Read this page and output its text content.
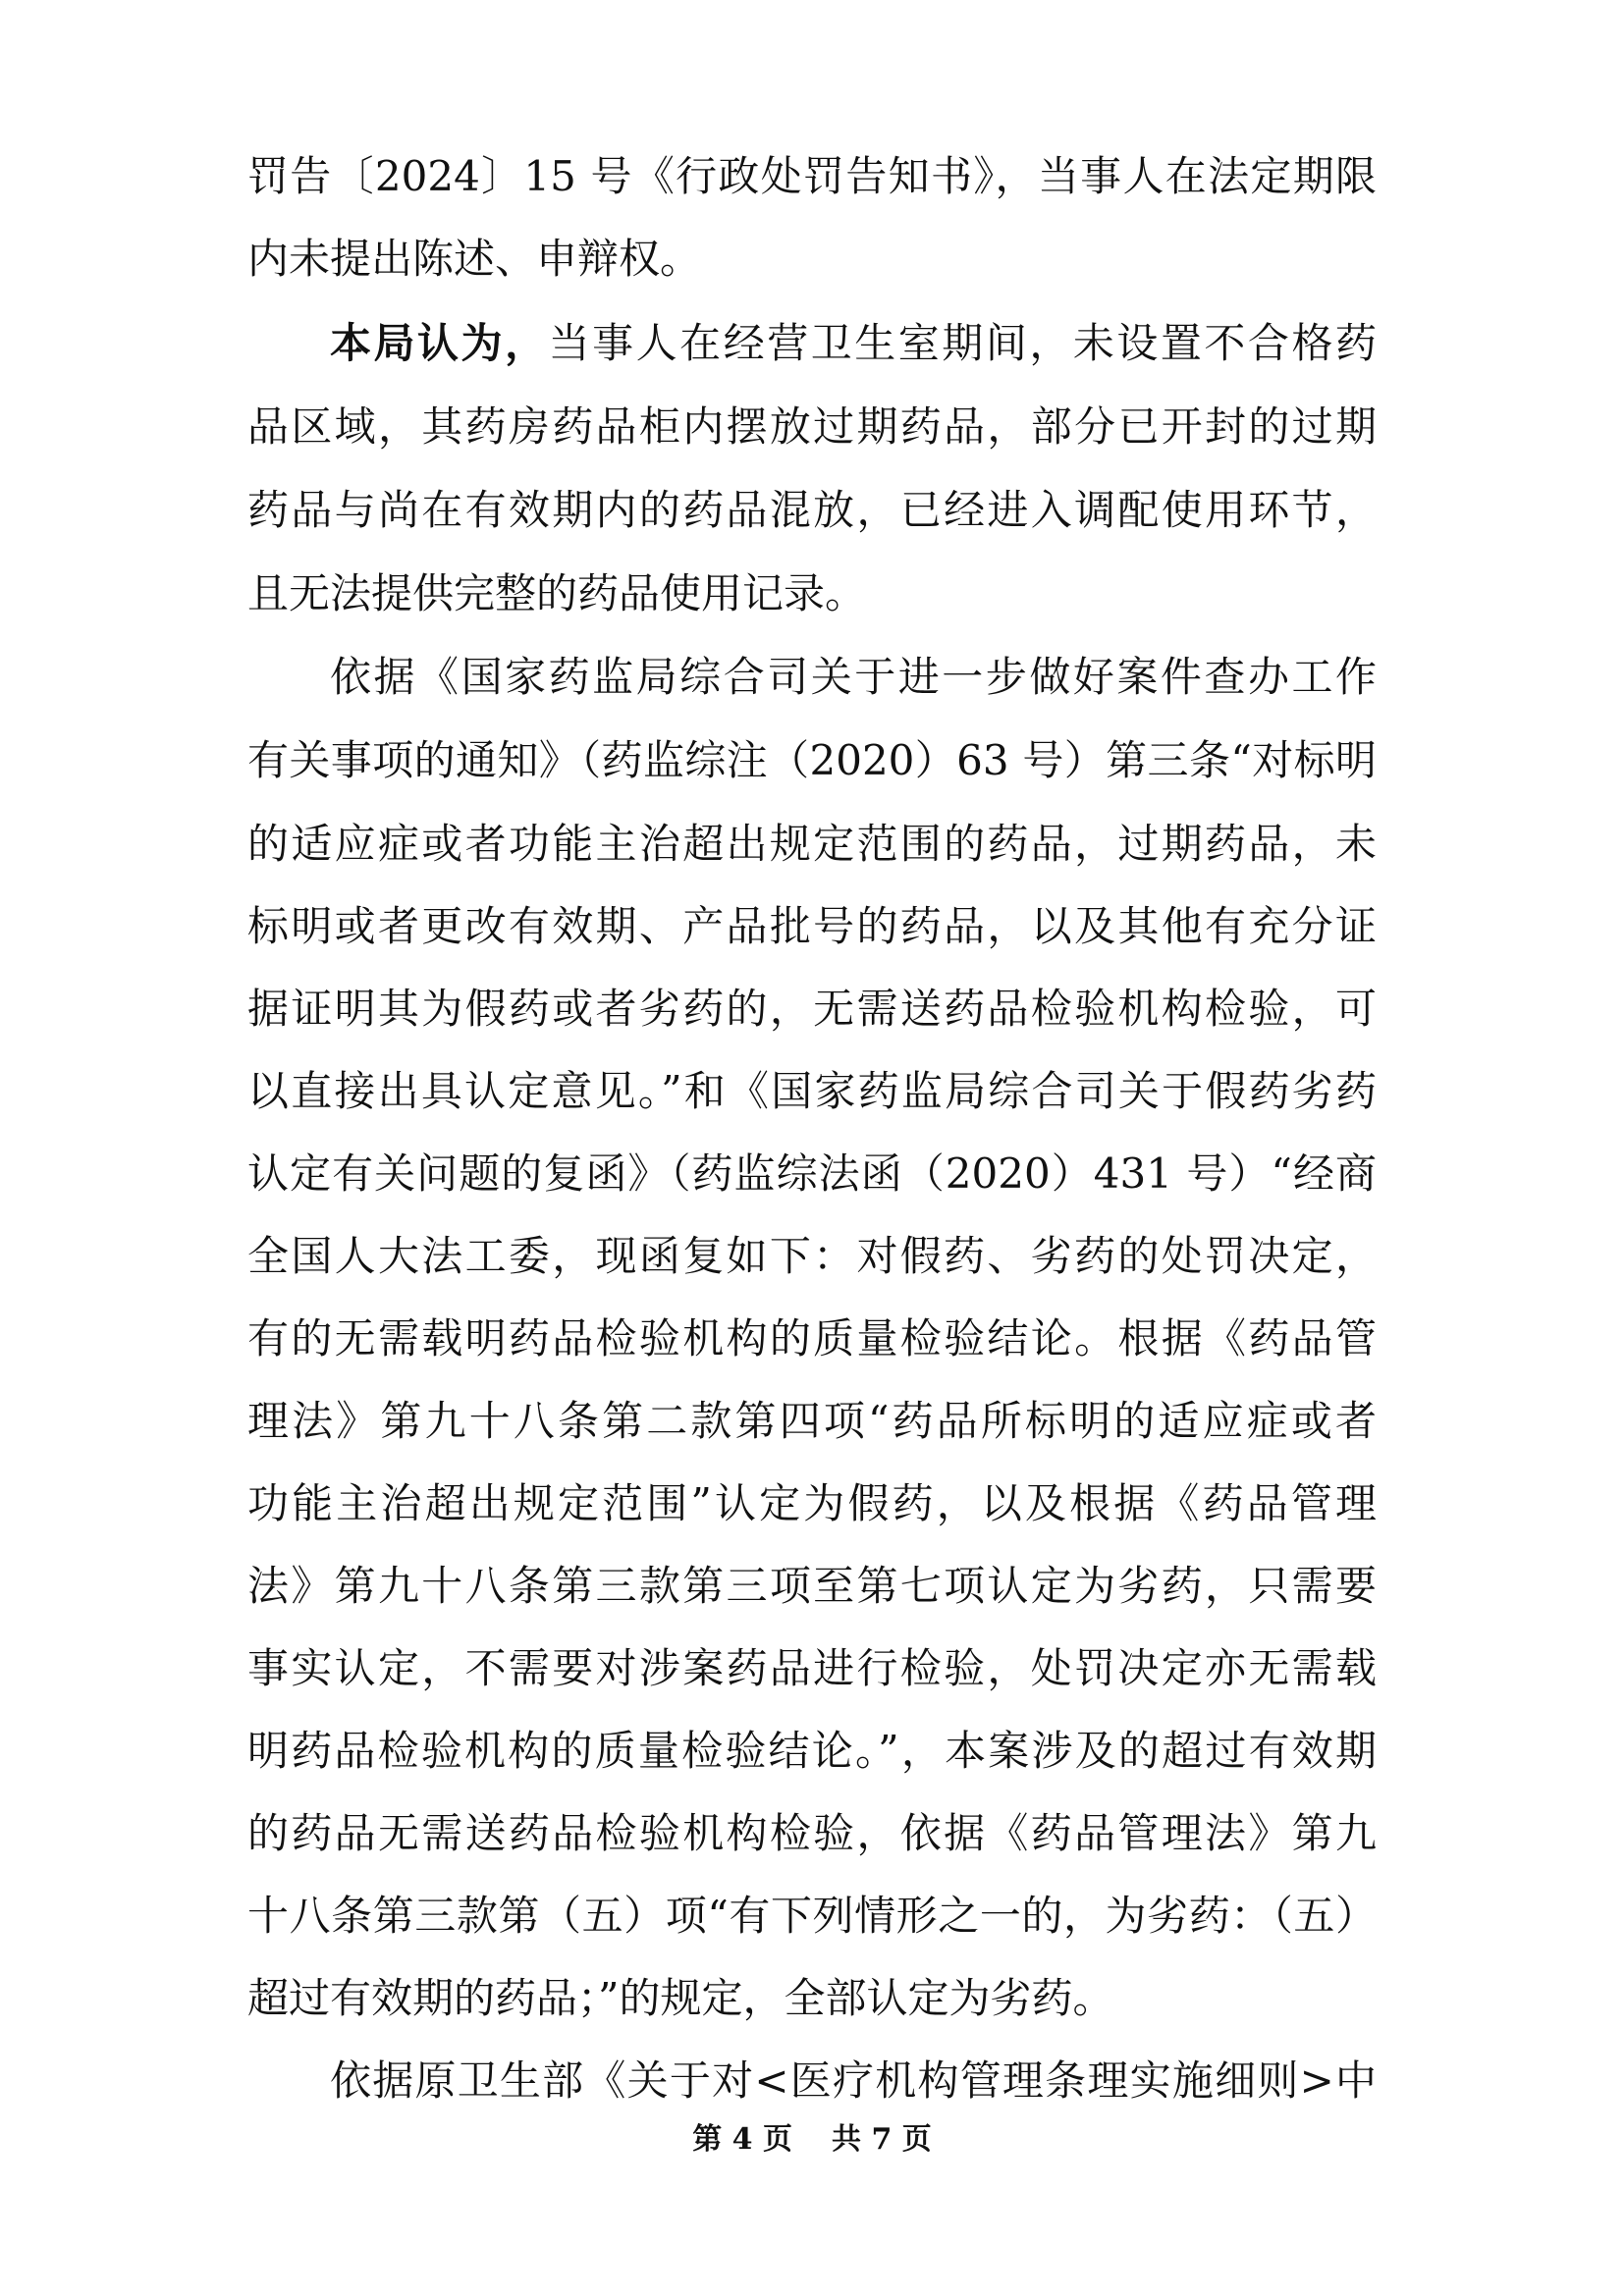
罚告〔2024〕15 号《行政处罚告知书》，当事人在法定期限
内未提出陈述、申辩权。
本局认为，当事人在经营卫生室期间，未设置不合格药
品区域，其药房药品柜内摆放过期药品，部分已开封的过期
药品与尚在有效期内的药品混放，已经进入调配使用环节，
且无法提供完整的药品使用记录。
依据《国家药监局综合司关于进一步做好案件查办工作
有关事项的通知》（药监综注（2020）63 号）第三条“对标明
的适应症或者功能主治超出规定范围的药品，过期药品，未
标明或者更改有效期、产品批号的药品，以及其他有充分证
据证明其为假药或者劣药的，无需送药品检验机构检验，可
以直接出具认定意见。”和《国家药监局综合司关于假药劣药
认定有关问题的复函》（药监综法函（2020）431 号）“经商
全国人大法工委，现函复如下：对假药、劣药的处罚决定，
有的无需载明药品检验机构的质量检验结论。根据《药品管
理法》第九十八条第二款第四项“药品所标明的适应症或者
功能主治超出规定范围”认定为假药，以及根据《药品管理
法》第九十八条第三款第三项至第七项认定为劣药，只需要
事实认定，不需要对涉案药品进行检验，处罚决定亦无需载
明药品检验机构的质量检验结论。”，本案涉及的超过有效期
的药品无需送药品检验机构检验，依据《药品管理法》第九
十八条第三款第（五）项“有下列情形之一的，为劣药：（五）
超过有效期的药品；”的规定，全部认定为劣药。
依据原卫生部《关于对<医疗机构管理条理实施细则>中
第 4 页 共 7 页
